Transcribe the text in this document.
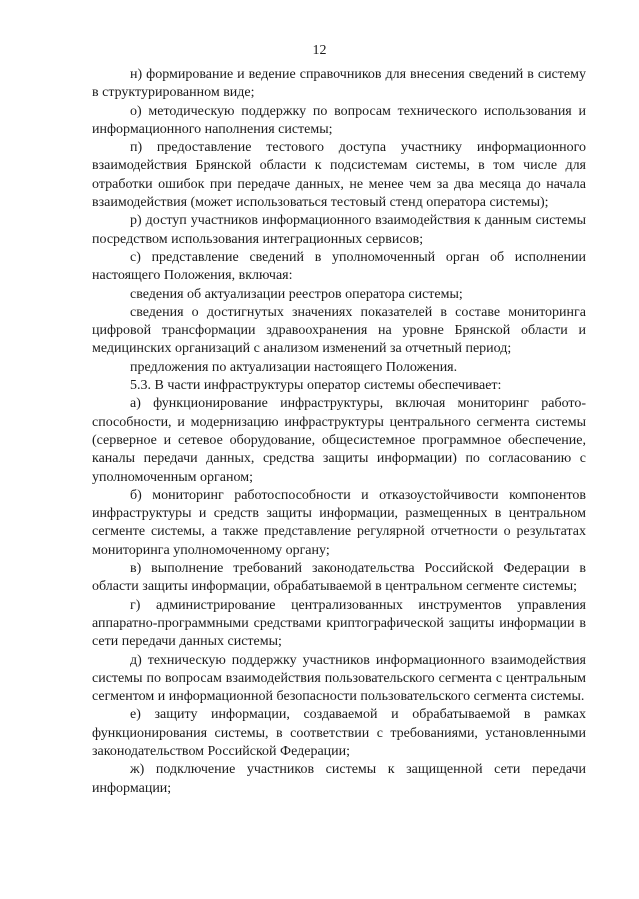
12

н) формирование и ведение справочников для внесения сведений в систему в структурированном виде;

о) методическую поддержку по вопросам технического использования и информационного наполнения системы;

п) предоставление тестового доступа участнику информационного взаимодействия Брянской области к подсистемам системы, в том числе для отработки ошибок при передаче данных, не менее чем за два месяца до начала взаимодействия (может использоваться тестовый стенд оператора системы);

р) доступ участников информационного взаимодействия к данным системы посредством использования интеграционных сервисов;

с) представление сведений в уполномоченный орган об исполнении настоящего Положения, включая:

сведения об актуализации реестров оператора системы;

сведения о достигнутых значениях показателей в составе мониторинга цифровой трансформации здравоохранения на уровне Брянской области и медицинских организаций с анализом изменений за отчетный период;

предложения по актуализации настоящего Положения.

5.3. В части инфраструктуры оператор системы обеспечивает:

а) функционирование инфраструктуры, включая мониторинг работоспособности, и модернизацию инфраструктуры центрального сегмента системы (серверное и сетевое оборудование, общесистемное программное обеспечение, каналы передачи данных, средства защиты информации) по согласованию с уполномоченным органом;

б) мониторинг работоспособности и отказоустойчивости компонентов инфраструктуры и средств защиты информации, размещенных в центральном сегменте системы, а также представление регулярной отчетности о результатах мониторинга уполномоченному органу;

в) выполнение требований законодательства Российской Федерации в области защиты информации, обрабатываемой в центральном сегменте системы;

г) администрирование централизованных инструментов управления аппаратно-программными средствами криптографической защиты информации в сети передачи данных системы;

д) техническую поддержку участников информационного взаимодействия системы по вопросам взаимодействия пользовательского сегмента с центральным сегментом и информационной безопасности пользовательского сегмента системы.

е) защиту информации, создаваемой и обрабатываемой в рамках функционирования системы, в соответствии с требованиями, установленными законодательством Российской Федерации;

ж) подключение участников системы к защищенной сети передачи информации;
